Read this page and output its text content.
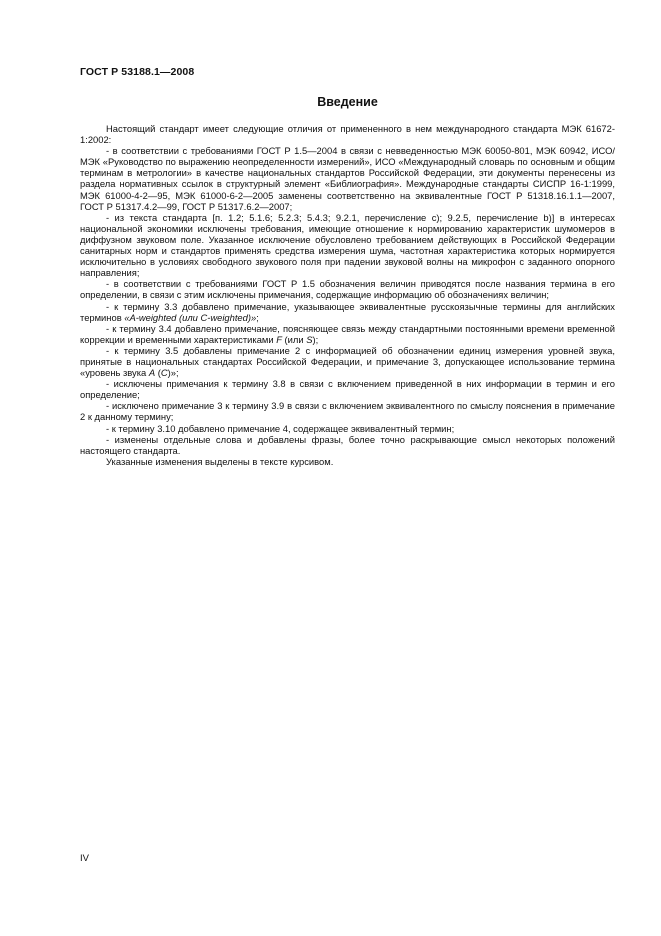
ГОСТ Р 53188.1—2008
Введение

Настоящий стандарт имеет следующие отличия от примененного в нем международного стандарта МЭК 61672-1:2002:

- в соответствии с требованиями ГОСТ Р 1.5—2004 в связи с невведенностью МЭК 60050-801, МЭК 60942, ИСО/МЭК «Руководство по выражению неопределенности измерений», ИСО «Международный словарь по основным и общим терминам в метрологии» в качестве национальных стандартов Российской Федерации, эти документы перенесены из раздела нормативных ссылок в структурный элемент «Библиография». Международные стандарты СИСПР 16-1:1999, МЭК 61000-4-2—95, МЭК 61000-6-2—2005 заменены соответственно на эквивалентные ГОСТ Р 51318.16.1.1—2007, ГОСТ Р 51317.4.2—99, ГОСТ Р 51317.6.2—2007;

- из текста стандарта [п. 1.2; 5.1.6; 5.2.3; 5.4.3; 9.2.1, перечисление c); 9.2.5, перечисление b)] в интересах национальной экономики исключены требования, имеющие отношение к нормированию характеристик шумомеров в диффузном звуковом поле. Указанное исключение обусловлено требованием действующих в Российской Федерации санитарных норм и стандартов применять средства измерения шума, частотная характеристика которых нормируется исключительно в условиях свободного звукового поля при падении звуковой волны на микрофон с заданного опорного направления;

- в соответствии с требованиями ГОСТ Р 1.5 обозначения величин приводятся после названия термина в его определении, в связи с этим исключены примечания, содержащие информацию об обозначениях величин;

- к термину 3.3 добавлено примечание, указывающее эквивалентные русскоязычные термины для английских терминов «A-weighted (или C-weighted)»;

- к термину 3.4 добавлено примечание, поясняющее связь между стандартными постоянными времени временной коррекции и временными характеристиками F (или S);

- к термину 3.5 добавлены примечание 2 с информацией об обозначении единиц измерения уровней звука, принятые в национальных стандартах Российской Федерации, и примечание 3, допускающее использование термина «уровень звука A (C)»;

- исключены примечания к термину 3.8 в связи с включением приведенной в них информации в термин и его определение;

- исключено примечание 3 к термину 3.9 в связи с включением эквивалентного по смыслу пояснения в примечание 2 к данному термину;

- к термину 3.10 добавлено примечание 4, содержащее эквивалентный термин;

- изменены отдельные слова и добавлены фразы, более точно раскрывающие смысл некоторых положений настоящего стандарта.

Указанные изменения выделены в тексте курсивом.

IV
